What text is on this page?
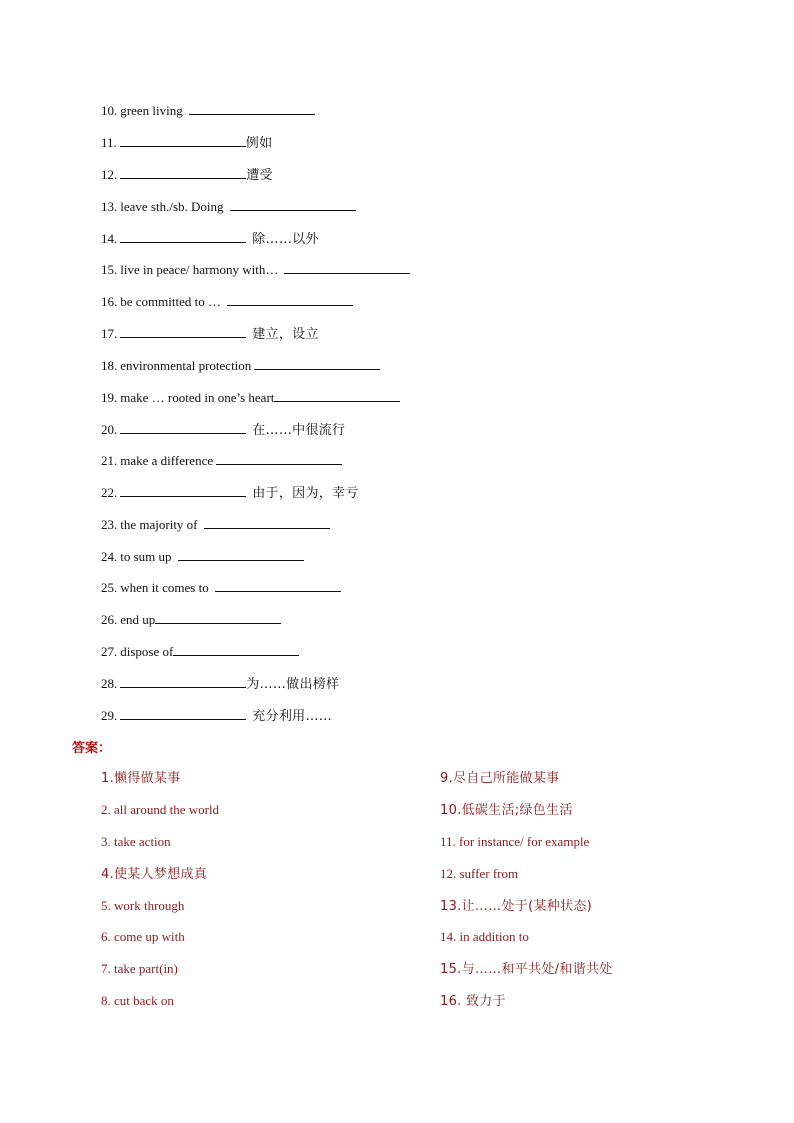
10. green living
11.	例如
12.	遭受
13. leave sth./sb. Doing
14.	除……以外
15. live in peace/ harmony with…
16. be committed to …
17.	建立，设立
18. environmental protection
19. make … rooted in one’s heart
20.	在……中很流行
21. make a difference
22.	由于，因为，幸亏
23. the majority of
24. to sum up
25. when it comes to
26. end up
27. dispose of
28.	为……做出榜样
29.	充分利用……
答案：
1.懒得做某事
2. all around the world
3. take action
4.使某人梦想成真
5. work through
6. come up with
7. take part(in)
8. cut back on
9.尽自己所能做某事
10.低碳生活;绿色生活
11. for instance/ for example
12. suffer from
13.让……处于(某种状态)
14. in addition to
15.与……和平共处/和谐共处
16. 致力于
